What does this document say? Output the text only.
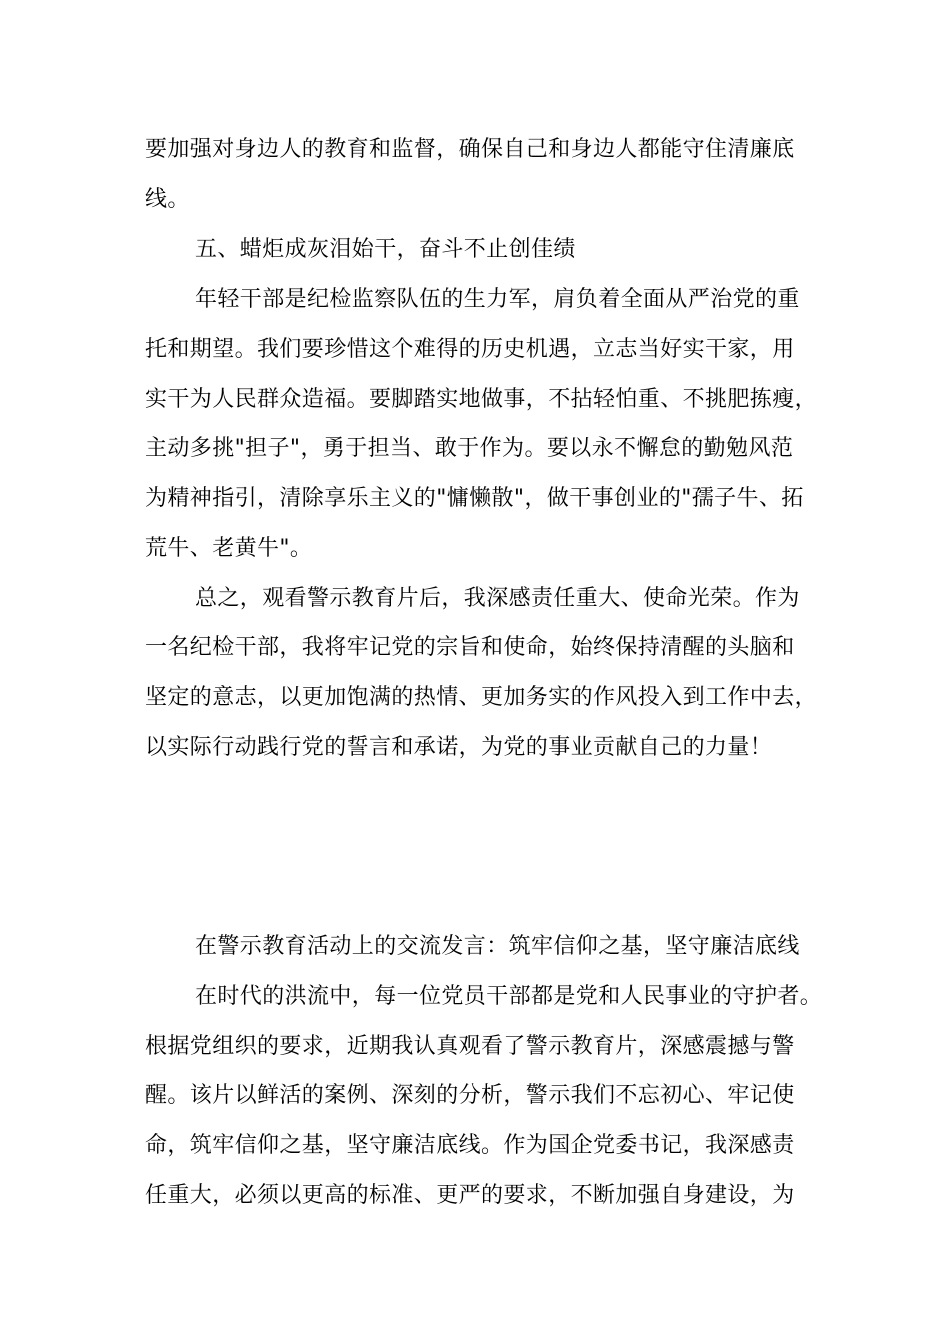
要加强对身边人的教育和监督，确保自己和身边人都能守住清廉底
线。
五、蜡炬成灰泪始干，奋斗不止创佳绩
年轻干部是纪检监察队伍的生力军，肩负着全面从严治党的重
托和期望。我们要珍惜这个难得的历史机遇，立志当好实干家，用
实干为人民群众造福。要脚踏实地做事，不拈轻怕重、不挑肥拣瘦，
主动多挑"担子"，勇于担当、敢于作为。要以永不懈怠的勤勉风范
为精神指引，清除享乐主义的"慵懒散"，做干事创业的"孺子牛、拓
荒牛、老黄牛"。
总之，观看警示教育片后，我深感责任重大、使命光荣。作为
一名纪检干部，我将牢记党的宗旨和使命，始终保持清醒的头脑和
坚定的意志，以更加饱满的热情、更加务实的作风投入到工作中去，
以实际行动践行党的誓言和承诺，为党的事业贡献自己的力量！
在警示教育活动上的交流发言：筑牢信仰之基，坚守廉洁底线
在时代的洪流中，每一位党员干部都是党和人民事业的守护者。
根据党组织的要求，近期我认真观看了警示教育片，深感震撼与警
醒。该片以鲜活的案例、深刻的分析，警示我们不忘初心、牢记使
命，筑牢信仰之基，坚守廉洁底线。作为国企党委书记，我深感责
任重大，必须以更高的标准、更严的要求，不断加强自身建设，为
